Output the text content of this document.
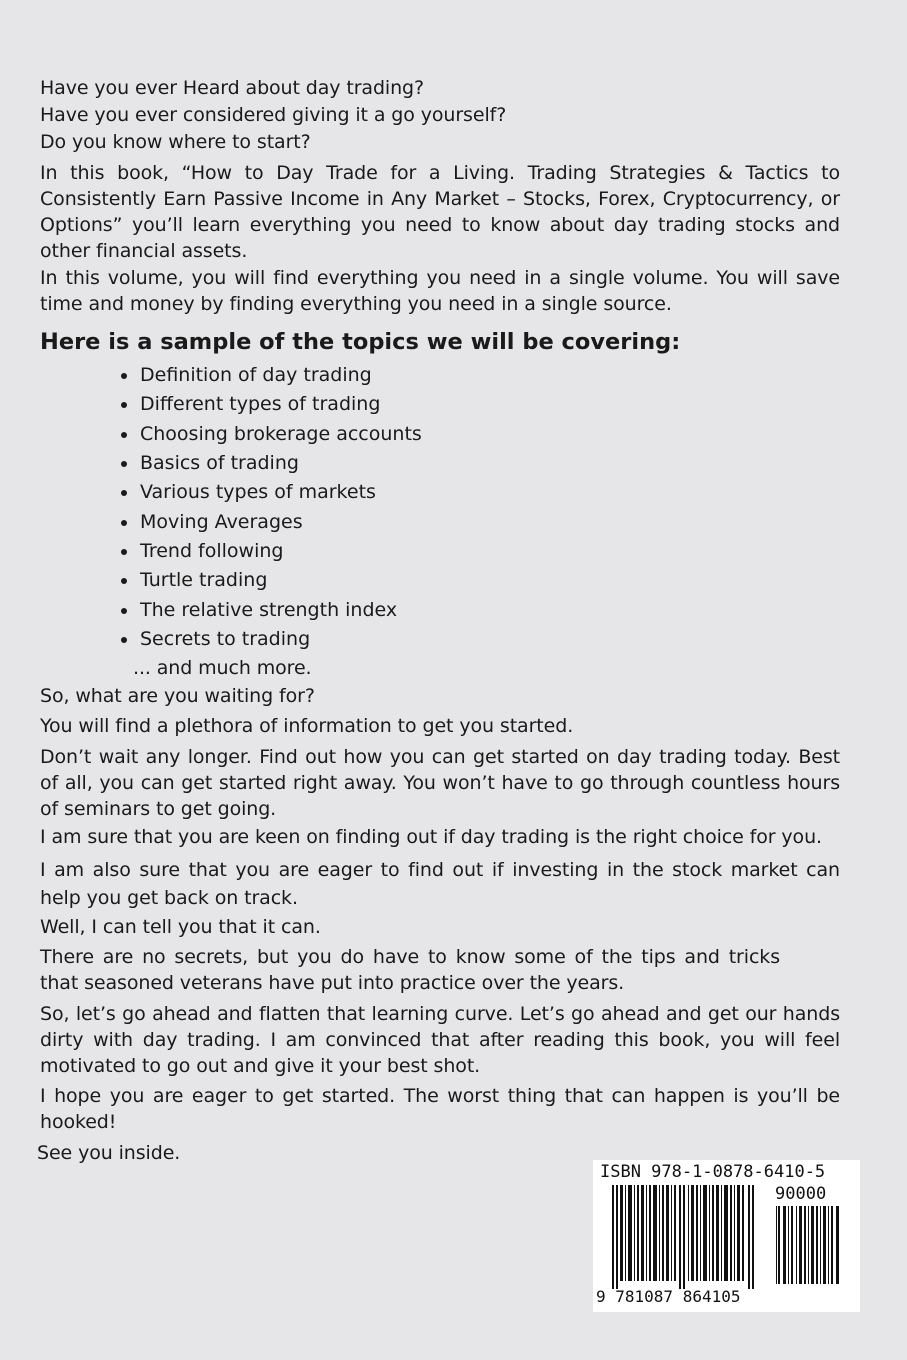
Have you ever Heard about day trading?

Have you ever considered giving it a go yourself?

Do you know where to start?

In this book, “How to Day Trade for a Living. Trading Strategies & Tactics to Consistently Earn Passive Income in Any Market – Stocks, Forex, Cryptocurrency, or Options” you’ll learn everything you need to know about day trading stocks and other financial assets.

In this volume, you will find everything you need in a single volume. You will save time and money by finding everything you need in a single source.

Here is a sample of the topics we will be covering:
Definition of day trading
Different types of trading
Choosing brokerage accounts
Basics of trading
Various types of markets
Moving Averages
Trend following
Turtle trading
The relative strength index
Secrets to trading

... and much more.

So, what are you waiting for?

You will find a plethora of information to get you started.

Don’t wait any longer. Find out how you can get started on day trading today. Best of all, you can get started right away. You won’t have to go through countless hours of seminars to get going.

I am sure that you are keen on finding out if day trading is the right choice for you.

I am also sure that you are eager to find out if investing in the stock market can help you get back on track.

Well, I can tell you that it can.

There are no secrets, but you do have to know some of the tips and tricks that seasoned veterans have put into practice over the years.

So, let’s go ahead and flatten that learning curve. Let’s go ahead and get our hands dirty with day trading. I am convinced that after reading this book, you will feel motivated to go out and give it your best shot.

I hope you are eager to get started. The worst thing that can happen is you’ll be hooked!

See you inside.

ISBN 978-1-0878-6410-5

90000

9 781087 864105
